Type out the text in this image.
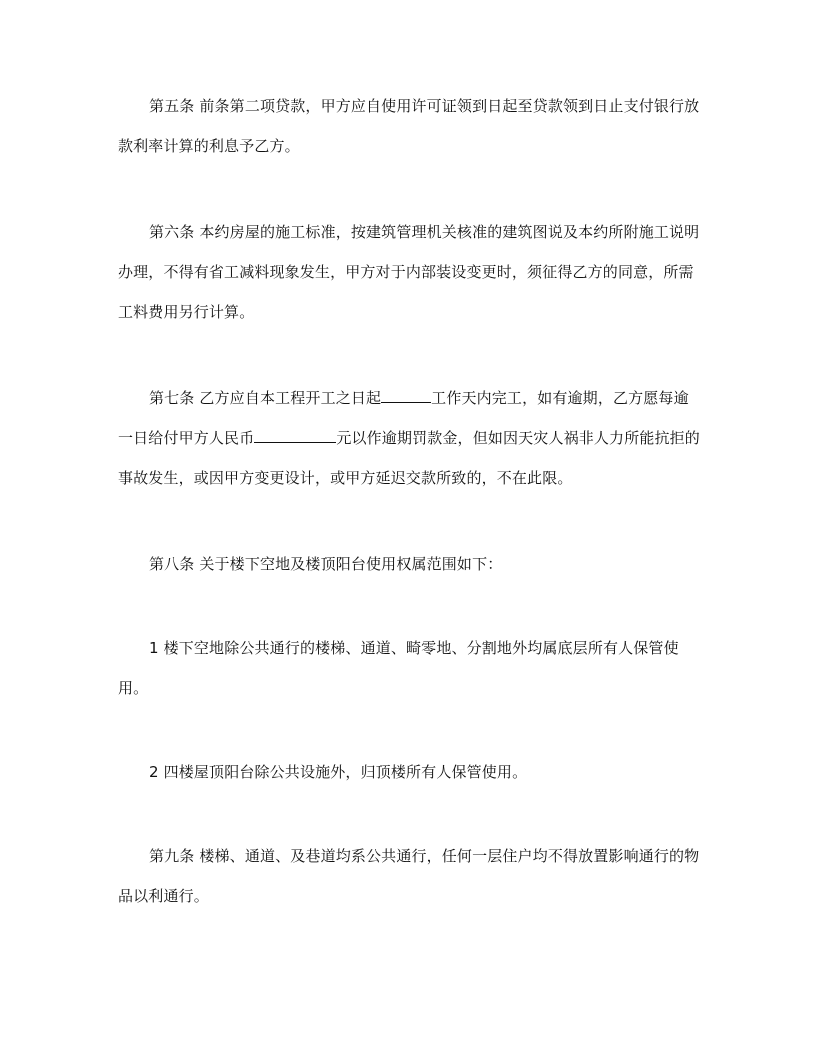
第五条 前条第二项贷款，甲方应自使用许可证领到日起至贷款领到日止支付银行放款利率计算的利息予乙方。

第六条 本约房屋的施工标准，按建筑管理机关核准的建筑图说及本约所附施工说明办理，不得有省工减料现象发生，甲方对于内部装设变更时，须征得乙方的同意，所需工料费用另行计算。

第七条 乙方应自本工程开工之日起	工作天内完工，如有逾期，乙方愿每逾一日给付甲方人民币	元以作逾期罚款金，但如因天灾人祸非人力所能抗拒的事故发生，或因甲方变更设计，或甲方延迟交款所致的，不在此限。

第八条 关于楼下空地及楼顶阳台使用权属范围如下：

1 楼下空地除公共通行的楼梯、通道、畸零地、分割地外均属底层所有人保管使用。

2 四楼屋顶阳台除公共设施外，归顶楼所有人保管使用。

第九条 楼梯、通道、及巷道均系公共通行，任何一层住户均不得放置影响通行的物品以利通行。
